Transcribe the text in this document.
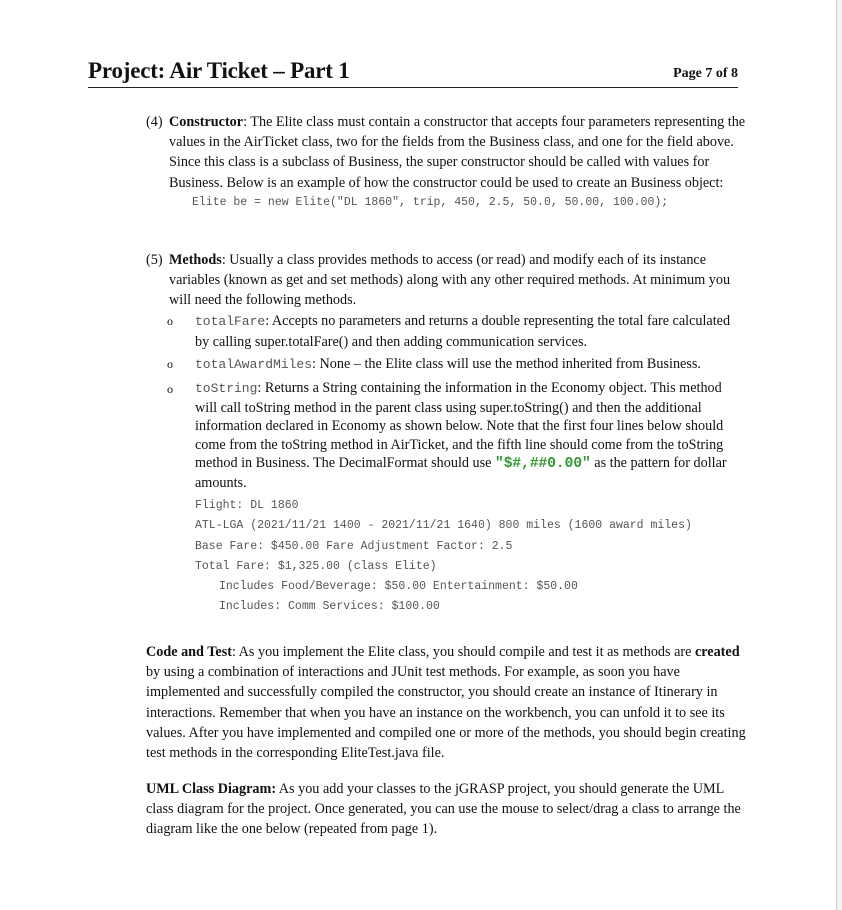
Project: Air Ticket – Part 1	Page 7 of 8
(4) Constructor: The Elite class must contain a constructor that accepts four parameters representing the values in the AirTicket class, two for the fields from the Business class, and one for the field above. Since this class is a subclass of Business, the super constructor should be called with values for Business. Below is an example of how the constructor could be used to create an Business object:
Elite be = new Elite("DL 1860", trip, 450, 2.5, 50.0, 50.00, 100.00);
(5) Methods: Usually a class provides methods to access (or read) and modify each of its instance variables (known as get and set methods) along with any other required methods. At minimum you will need the following methods.
o totalFare: Accepts no parameters and returns a double representing the total fare calculated by calling super.totalFare() and then adding communication services.
o totalAwardMiles: None – the Elite class will use the method inherited from Business.
o toString: Returns a String containing the information in the Economy object. This method will call toString method in the parent class using super.toString() and then the additional information declared in Economy as shown below. Note that the first four lines below should come from the toString method in AirTicket, and the fifth line should come from the toString method in Business. The DecimalFormat should use "$#,##0.00" as the pattern for dollar amounts.
Flight: DL 1860
ATL-LGA (2021/11/21 1400 - 2021/11/21 1640) 800 miles (1600 award miles)
Base Fare: $450.00 Fare Adjustment Factor: 2.5
Total Fare: $1,325.00 (class Elite)
Includes Food/Beverage: $50.00 Entertainment: $50.00
Includes: Comm Services: $100.00
Code and Test: As you implement the Elite class, you should compile and test it as methods are created by using a combination of interactions and JUnit test methods. For example, as soon you have implemented and successfully compiled the constructor, you should create an instance of Itinerary in interactions. Remember that when you have an instance on the workbench, you can unfold it to see its values. After you have implemented and compiled one or more of the methods, you should begin creating test methods in the corresponding EliteTest.java file.
UML Class Diagram: As you add your classes to the jGRASP project, you should generate the UML class diagram for the project. Once generated, you can use the mouse to select/drag a class to arrange the diagram like the one below (repeated from page 1).
